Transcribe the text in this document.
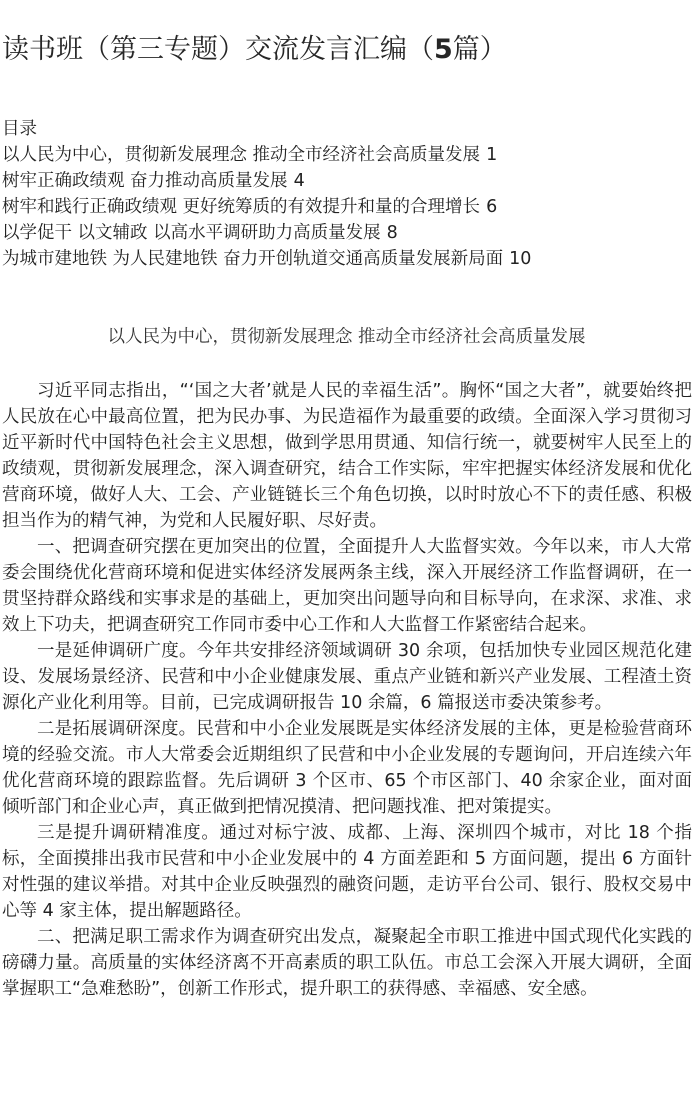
读书班（第三专题）交流发言汇编（5篇）
目录
以人民为中心，贯彻新发展理念 推动全市经济社会高质量发展 1
树牢正确政绩观 奋力推动高质量发展 4
树牢和践行正确政绩观 更好统筹质的有效提升和量的合理增长 6
以学促干 以文辅政 以高水平调研助力高质量发展 8
为城市建地铁 为人民建地铁 奋力开创轨道交通高质量发展新局面 10
以人民为中心，贯彻新发展理念 推动全市经济社会高质量发展

习近平同志指出，“‘国之大者’就是人民的幸福生活”。胸怀“国之大者”，就要始终把人民放在心中最高位置，把为民办事、为民造福作为最重要的政绩。全面深入学习贯彻习近平新时代中国特色社会主义思想，做到学思用贯通、知信行统一，就要树牢人民至上的政绩观，贯彻新发展理念，深入调查研究，结合工作实际，牢牢把握实体经济发展和优化营商环境，做好人大、工会、产业链链长三个角色切换，以时时放心不下的责任感、积极担当作为的精气神，为党和人民履好职、尽好责。

一、把调查研究摆在更加突出的位置，全面提升人大监督实效。今年以来，市人大常委会围绕优化营商环境和促进实体经济发展两条主线，深入开展经济工作监督调研，在一贯坚持群众路线和实事求是的基础上，更加突出问题导向和目标导向，在求深、求准、求效上下功夫，把调查研究工作同市委中心工作和人大监督工作紧密结合起来。

一是延伸调研广度。今年共安排经济领域调研 30 余项，包括加快专业园区规范化建设、发展场景经济、民营和中小企业健康发展、重点产业链和新兴产业发展、工程渣土资源化产业化利用等。目前，已完成调研报告 10 余篇，6 篇报送市委决策参考。

二是拓展调研深度。民营和中小企业发展既是实体经济发展的主体，更是检验营商环境的经验交流。市人大常委会近期组织了民营和中小企业发展的专题询问，开启连续六年优化营商环境的跟踪监督。先后调研 3 个区市、65 个市区部门、40 余家企业，面对面倾听部门和企业心声，真正做到把情况摸清、把问题找准、把对策提实。

三是提升调研精准度。通过对标宁波、成都、上海、深圳四个城市，对比 18 个指标，全面摸排出我市民营和中小企业发展中的 4 方面差距和 5 方面问题，提出 6 方面针对性强的建议举措。对其中企业反映强烈的融资问题，走访平台公司、银行、股权交易中心等 4 家主体，提出解题路径。

二、把满足职工需求作为调查研究出发点，凝聚起全市职工推进中国式现代化实践的磅礴力量。高质量的实体经济离不开高素质的职工队伍。市总工会深入开展大调研，全面掌握职工“急难愁盼”，创新工作形式，提升职工的获得感、幸福感、安全感。
